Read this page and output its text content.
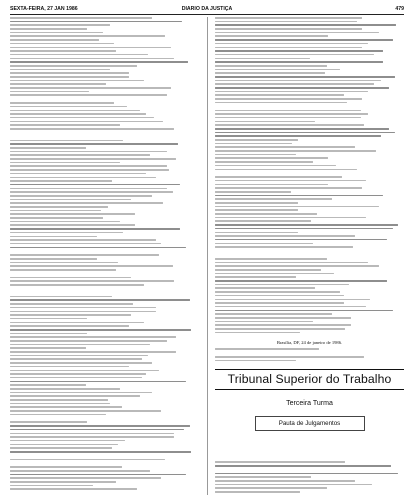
SEXTA-FEIRA, 27 JAN 1986	DIARIO DA JUSTIÇA	479
Brasília, DF, 24 de janeiro de 1986.
Tribunal Superior do Trabalho
Terceira Turma
Pauta de Julgamentos
